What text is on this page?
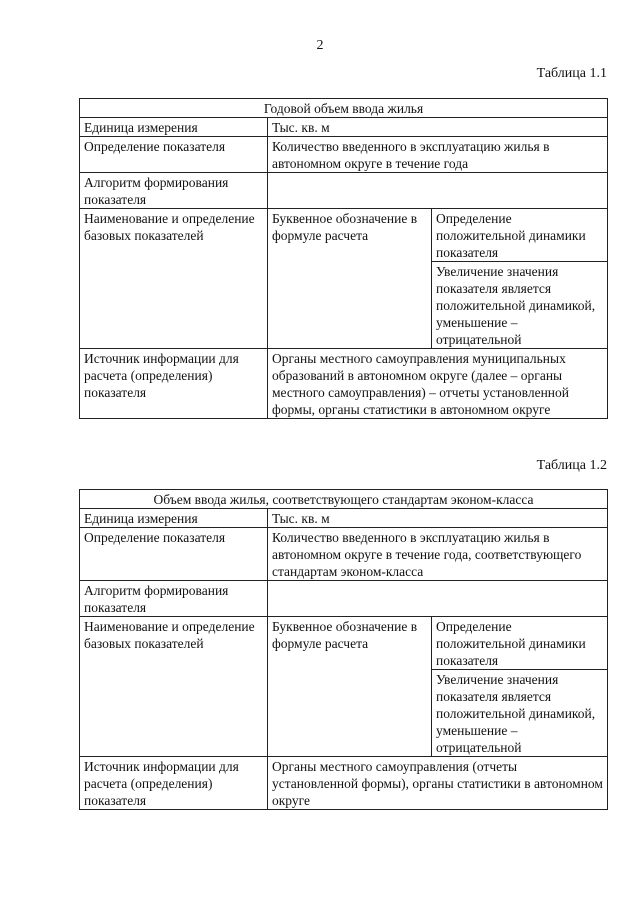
2
Таблица 1.1
Годовой объем ввода жилья		
Единица измерения	Тыс. кв. м	
Определение показателя	Количество введенного в эксплуатацию жилья в автономном округе в течение года	
Алгоритм формирования показателя		
Наименование и определение базовых показателей	Буквенное обозначение в формуле расчета	Определение положительной динамики показателя
		Увеличение значения показателя является положительной динамикой, уменьшение – отрицательной
Источник информации для расчета (определения) показателя	Органы местного самоуправления муниципальных образований в автономном округе (далее – органы местного самоуправления) – отчеты установленной формы, органы статистики в автономном округе	
Таблица 1.2
Объем ввода жилья, соответствующего стандартам эконом-класса		
Единица измерения	Тыс. кв. м	
Определение показателя	Количество введенного в эксплуатацию жилья в автономном округе в течение года, соответствующего стандартам эконом-класса	
Алгоритм формирования показателя		
Наименование и определение базовых показателей	Буквенное обозначение в формуле расчета	Определение положительной динамики показателя
		Увеличение значения показателя является положительной динамикой, уменьшение – отрицательной
Источник информации для расчета (определения) показателя	Органы местного самоуправления (отчеты установленной формы), органы статистики в автономном округе	
